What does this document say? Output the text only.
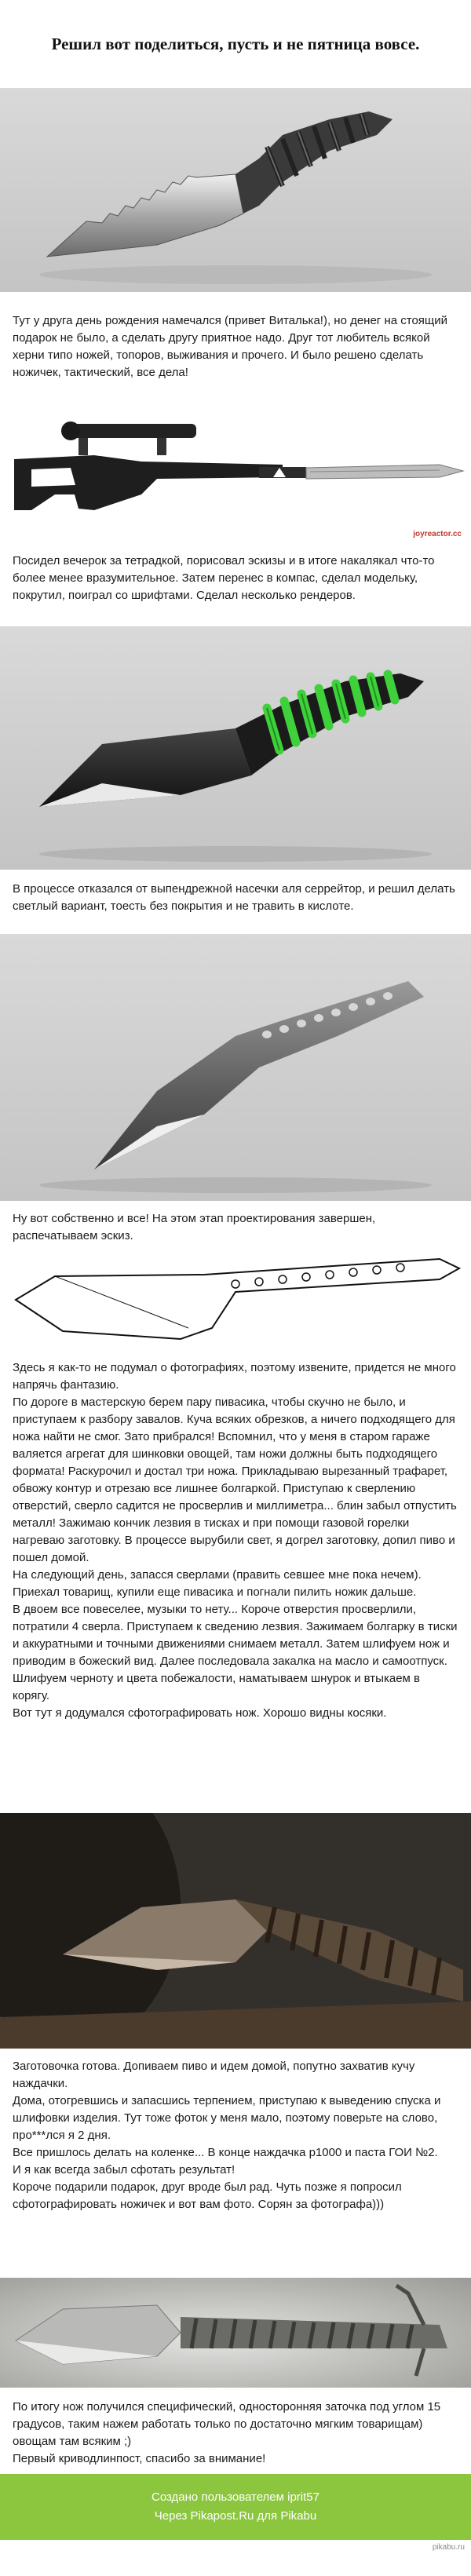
Решил вот поделиться, пусть и не пятница вовсе.

Тут у друга день рождения намечался (привет Виталька!), но денег на стоящий подарок не было, а сделать другу приятное надо. Друг тот любитель всякой херни типо ножей, топоров, выживания и прочего. И было решено сделать ножичек, тактический, все дела!

joyreactor.cc

Посидел вечерок за тетрадкой, порисовал эскизы и в итоге накалякал что-то более менее вразумительное. Затем перенес в компас, сделал модельку, покрутил, поиграл со шрифтами. Сделал несколько рендеров.

В процессе отказался от выпендрежной насечки аля серрейтор, и решил делать светлый вариант, тоесть без покрытия и не травить в кислоте.

Ну вот собственно и все! На этом этап проектирования завершен, распечатываем эскиз.

Здесь я как-то не подумал о фотографиях, поэтому извените, придется не много напрячь фантазию.

По дороге в мастерскую берем пару пивасика, чтобы скучно не было, и приступаем к разбору завалов. Куча всяких обрезков, а ничего подходящего для ножа найти не смог. Зато прибрался! Вспомнил, что у меня в старом гараже валяется агрегат для шинковки овощей, там ножи должны быть подходящего формата! Раскурочил и достал три ножа. Прикладываю вырезанный трафарет, обвожу контур и отрезаю все лишнее болгаркой. Приступаю к сверлению отверстий, сверло садится не просверлив и миллиметра... блин забыл отпустить металл! Зажимаю кончик лезвия в тисках и при помощи газовой горелки нагреваю заготовку. В процессе вырубили свет, я догрел заготовку, допил пиво и пошел домой.

На следующий день, запасся сверлами (править севшее мне пока нечем). Приехал товарищ, купили еще пивасика и погнали пилить ножик дальше.

В двоем все повеселее, музыки то нету... Короче отверстия просверлили, потратили 4 сверла. Приступаем к сведению лезвия. Зажимаем болгарку в тиски и аккуратными и точными движениями снимаем металл. Затем шлифуем нож и приводим в божеский вид. Далее последовала закалка на масло и самоотпуск. Шлифуем черноту и цвета побежалости, наматываем шнурок и втыкаем в корягу.

Вот тут я додумался сфотографировать нож. Хорошо видны косяки.

Заготовочка готова. Допиваем пиво и идем домой, попутно захватив кучу наждачки.

Дома, отогревшись и запасшись терпением, приступаю к выведению спуска и шлифовки изделия. Тут тоже фоток у меня мало, поэтому поверьте на слово, про***лся я 2 дня.

Все пришлось делать на коленке... В конце наждачка p1000 и паста ГОИ №2.

И я как всегда забыл сфотать результат!

Короче подарили подарок, друг вроде был рад. Чуть позже я попросил сфотографировать ножичек и вот вам фото. Сорян за фотографа)))

По итогу нож получился специфический, односторонняя заточка под углом 15 градусов, таким нажем работать только по достаточно мягким товарищам) овощам там всяким ;)

Первый криводлинпост, спасибо за внимание!

Создано пользователем iprit57
Через Pikapost.Ru для Pikabu
pikabu.ru
